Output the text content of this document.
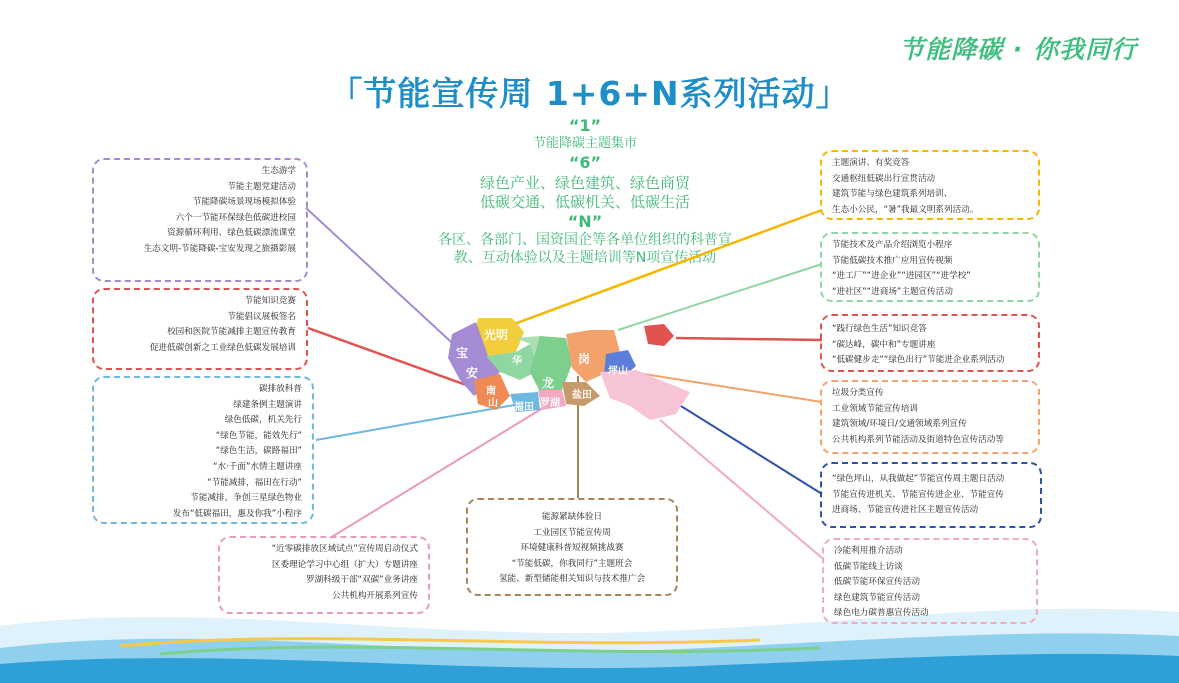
节能降碳 · 你我同行
「节能宣传周 1+6+N系列活动」
“1”
节能降碳主题集市
“6”
绿色产业、绿色建筑、绿色商贸
低碳交通、低碳机关、低碳生活
“N”
各区、各部门、国资国企等各单位组织的科普宣
教、互动体验以及主题培训等N项宣传活动
光明
宝
安
华
龙
岗
坪山
南
山 福田 罗湖
盐田
生态游学
节能主题党建活动
节能降碳场景现场模拟体验
六个一节能环保绿色低碳进校园
资源循环利用、绿色低碳漂流课堂
生态文明-节能降碳-宝安发现之旅摄影展
节能知识竞赛
节能倡议展板签名
校园和医院节能减排主题宣传教育
促进低碳创新之工业绿色低碳发展培训
碳排放科普
绿建条例主题演讲
绿色低碳，机关先行
“绿色节能，能效先行”
“绿色生活，碳路福田”
“水·千面”水情主题讲座
“节能减排，福田在行动”
节能减排，争创三星绿色物业
发布“低碳福田，惠及你我”小程序
“近零碳排放区域试点”宣传周启动仪式
区委理论学习中心组（扩大）专题讲座
罗湖科级干部“双碳”业务讲座
公共机构开展系列宣传
能源紧缺体验日
工业园区节能宣传周
环境健康科普短视频挑战赛
“节能低碳，你我同行”主题班会
氢能、新型储能相关知识与技术推广会
主题演讲、有奖竞答
交通枢纽低碳出行宣贯活动
建筑节能与绿色建筑系列培训、
生态小公民，“暑”我最文明系列活动。
节能技术及产品介绍浏览小程序
节能低碳技术推广应用宣传视频
“进工厂”“进企业”“进园区”“进学校”
“进社区”“进商场”主题宣传活动
“践行绿色生活”知识竞答
“碳达峰，碳中和”专题讲座
“低碳健步走”“绿色出行”节能进企业系列活动
垃圾分类宣传
工业领域节能宣传培训
建筑领域/环境日/交通领域系列宣传
公共机构系列节能活动及街道特色宣传活动等
“绿色坪山，从我做起”节能宣传周主题日活动
节能宣传进机关、节能宣传进企业、节能宣传
进商场、节能宣传进社区主题宣传活动
冷能利用推介活动
低碳节能线上访谈
低碳节能环保宣传活动
绿色建筑节能宣传活动
绿色电力碳普惠宣传活动
